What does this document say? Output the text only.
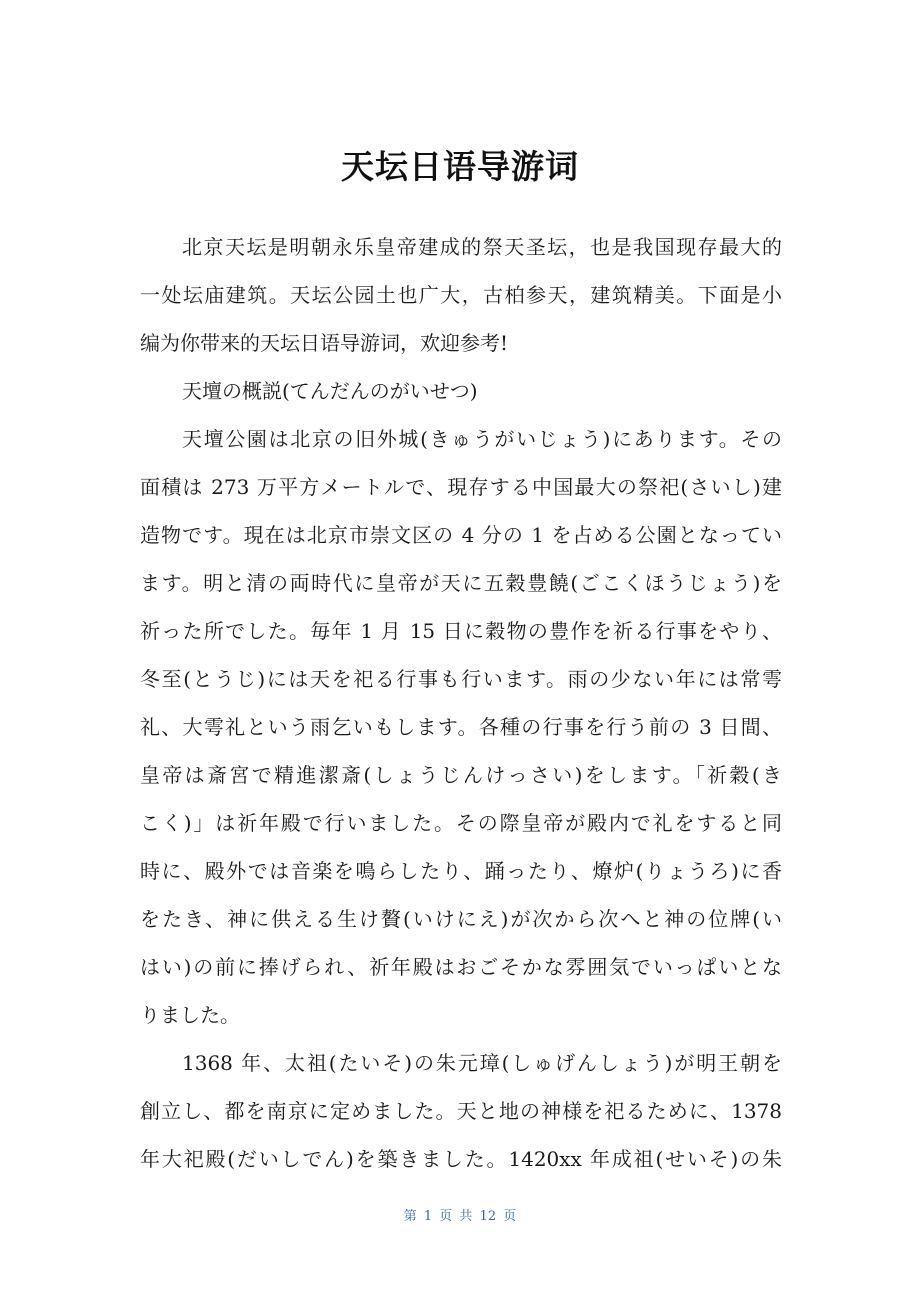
天坛日语导游词
北京天坛是明朝永乐皇帝建成的祭天圣坛，也是我国现存最大的
一处坛庙建筑。天坛公园土也广大，古柏参天，建筑精美。下面是小
编为你带来的天坛日语导游词，欢迎参考!
天壇の概説(てんだんのがいせつ)
天壇公園は北京の旧外城(きゅうがいじょう)にあります。その
面積は 273 万平方メートルで、現存する中国最大の祭祀(さいし)建
造物です。現在は北京市崇文区の 4 分の 1 を占める公園となってい
ます。明と清の両時代に皇帝が天に五穀豊饒(ごこくほうじょう)を
祈った所でした。毎年 1 月 15 日に穀物の豊作を祈る行事をやり、
冬至(とうじ)には天を祀る行事も行います。雨の少ない年には常雩
礼、大雩礼という雨乞いもします。各種の行事を行う前の 3 日間、
皇帝は斎宮で精進潔斎(しょうじんけっさい)をします。「祈穀(き
こく)」は祈年殿で行いました。その際皇帝が殿内で礼をすると同
時に、殿外では音楽を鳴らしたり、踊ったり、燎炉(りょうろ)に香
をたき、神に供える生け贅(いけにえ)が次から次へと神の位牌(い
はい)の前に捧げられ、祈年殿はおごそかな雰囲気でいっぱいとな
りました。
1368 年、太祖(たいそ)の朱元璋(しゅげんしょう)が明王朝を
創立し、都を南京に定めました。天と地の神様を祀るために、1378
年大祀殿(だいしでん)を築きました。1420xx 年成祖(せいそ)の朱
第 1 页 共 12 页
